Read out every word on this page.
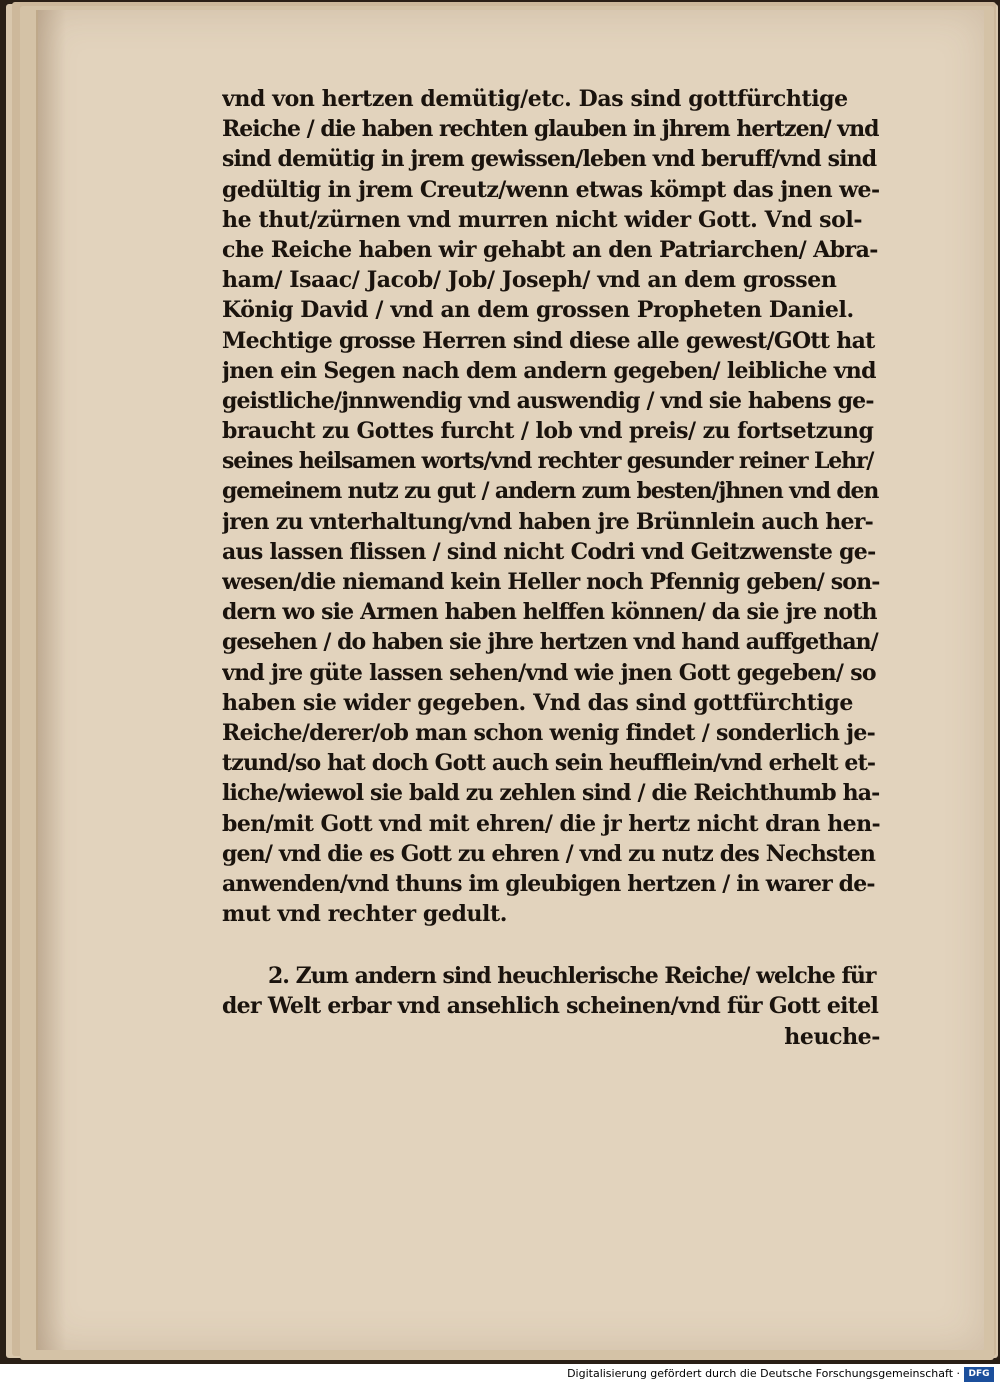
vnd von hertzen demütig/etc. Das sind gottfürchtige
Reiche / die haben rechten glauben in jhrem hertzen/ vnd
sind demütig in jrem gewissen/leben vnd beruff/vnd sind
gedültig in jrem Creutz/wenn etwas kömpt das jnen we-
he thut/zürnen vnd murren nicht wider Gott. Vnd sol-
che Reiche haben wir gehabt an den Patriarchen/ Abra-
ham/ Isaac/ Jacob/ Job/ Joseph/ vnd an dem grossen
König David / vnd an dem grossen Propheten Daniel.
Mechtige grosse Herren sind diese alle gewest/GOtt hat
jnen ein Segen nach dem andern gegeben/ leibliche vnd
geistliche/jnnwendig vnd auswendig / vnd sie habens ge-
braucht zu Gottes furcht / lob vnd preis/ zu fortsetzung
seines heilsamen worts/vnd rechter gesunder reiner Lehr/
gemeinem nutz zu gut / andern zum besten/jhnen vnd den
jren zu vnterhaltung/vnd haben jre Brünnlein auch her-
aus lassen flissen / sind nicht Codri vnd Geitzwenste ge-
wesen/die niemand kein Heller noch Pfennig geben/ son-
dern wo sie Armen haben helffen können/ da sie jre noth
gesehen / do haben sie jhre hertzen vnd hand auffgethan/
vnd jre güte lassen sehen/vnd wie jnen Gott gegeben/ so
haben sie wider gegeben. Vnd das sind gottfürchtige
Reiche/derer/ob man schon wenig findet / sonderlich je-
tzund/so hat doch Gott auch sein heufflein/vnd erhelt et-
liche/wiewol sie bald zu zehlen sind / die Reichthumb ha-
ben/mit Gott vnd mit ehren/ die jr hertz nicht dran hen-
gen/ vnd die es Gott zu ehren / vnd zu nutz des Nechsten
anwenden/vnd thuns im gleubigen hertzen / in warer de-
mut vnd rechter gedult.
2. Zum andern sind heuchlerische Reiche/ welche für
der Welt erbar vnd ansehlich scheinen/vnd für Gott eitel
heuche-
Digitalisierung gefördert durch die Deutsche Forschungsgemeinschaft · DFG
